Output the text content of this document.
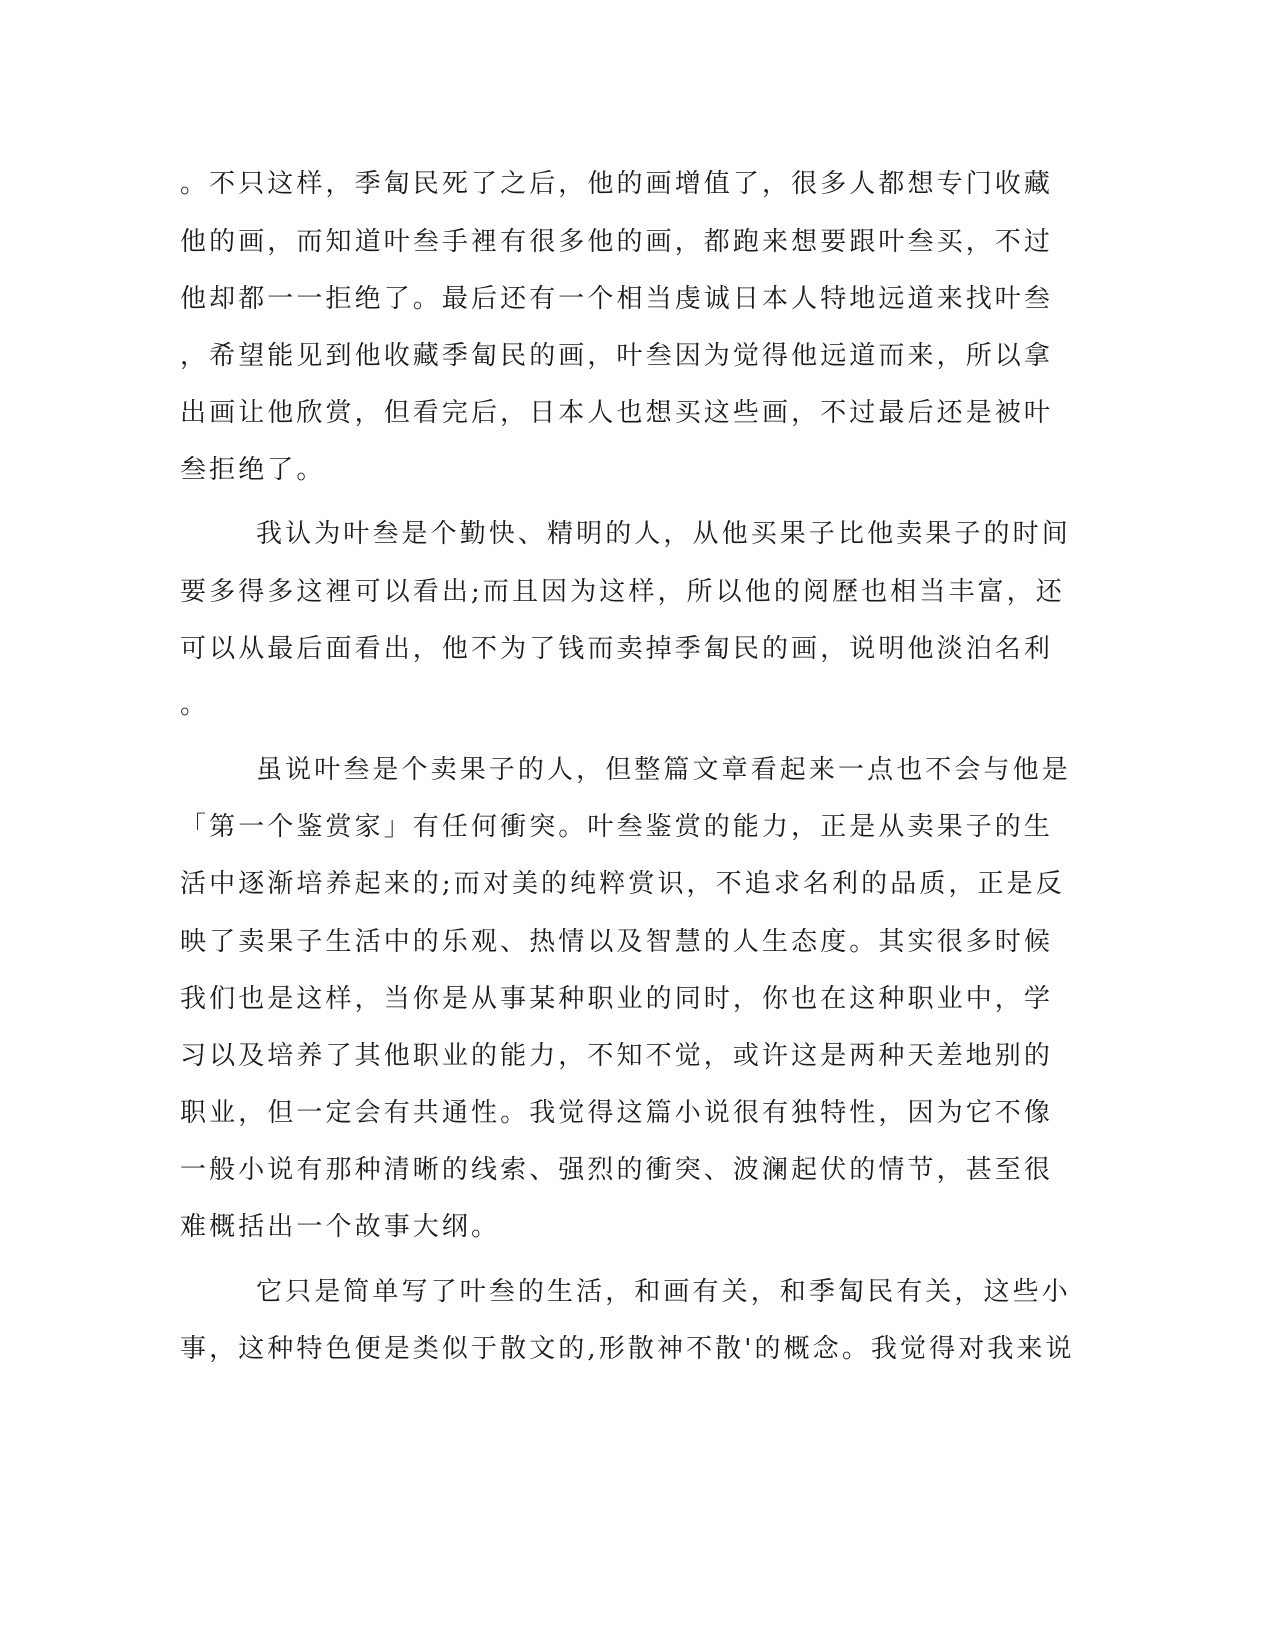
。不只这样，季匐民死了之后，他的画增值了，很多人都想专门收藏
他的画，而知道叶叁手裡有很多他的画，都跑来想要跟叶叁买，不过
他却都一一拒绝了。最后还有一个相当虔诚日本人特地远道来找叶叁
，希望能见到他收藏季匐民的画，叶叁因为觉得他远道而来，所以拿
出画让他欣赏，但看完后，日本人也想买这些画，不过最后还是被叶
叁拒绝了。
我认为叶叁是个勤快、精明的人，从他买果子比他卖果子的时间
要多得多这裡可以看出;而且因为这样，所以他的阅歷也相当丰富，还
可以从最后面看出，他不为了钱而卖掉季匐民的画，说明他淡泊名利
。
虽说叶叁是个卖果子的人，但整篇文章看起来一点也不会与他是
「第一个鉴赏家」有任何衝突。叶叁鉴赏的能力，正是从卖果子的生
活中逐渐培养起来的;而对美的纯粹赏识，不追求名利的品质，正是反
映了卖果子生活中的乐观、热情以及智慧的人生态度。其实很多时候
我们也是这样，当你是从事某种职业的同时，你也在这种职业中，学
习以及培养了其他职业的能力，不知不觉，或许这是两种天差地别的
职业，但一定会有共通性。我觉得这篇小说很有独特性，因为它不像
一般小说有那种清晰的线索、强烈的衝突、波澜起伏的情节，甚至很
难概括出一个故事大纲。
它只是简单写了叶叁的生活，和画有关，和季匐民有关，这些小
事，这种特色便是类似于散文的,形散神不散'的概念。我觉得对我来说
